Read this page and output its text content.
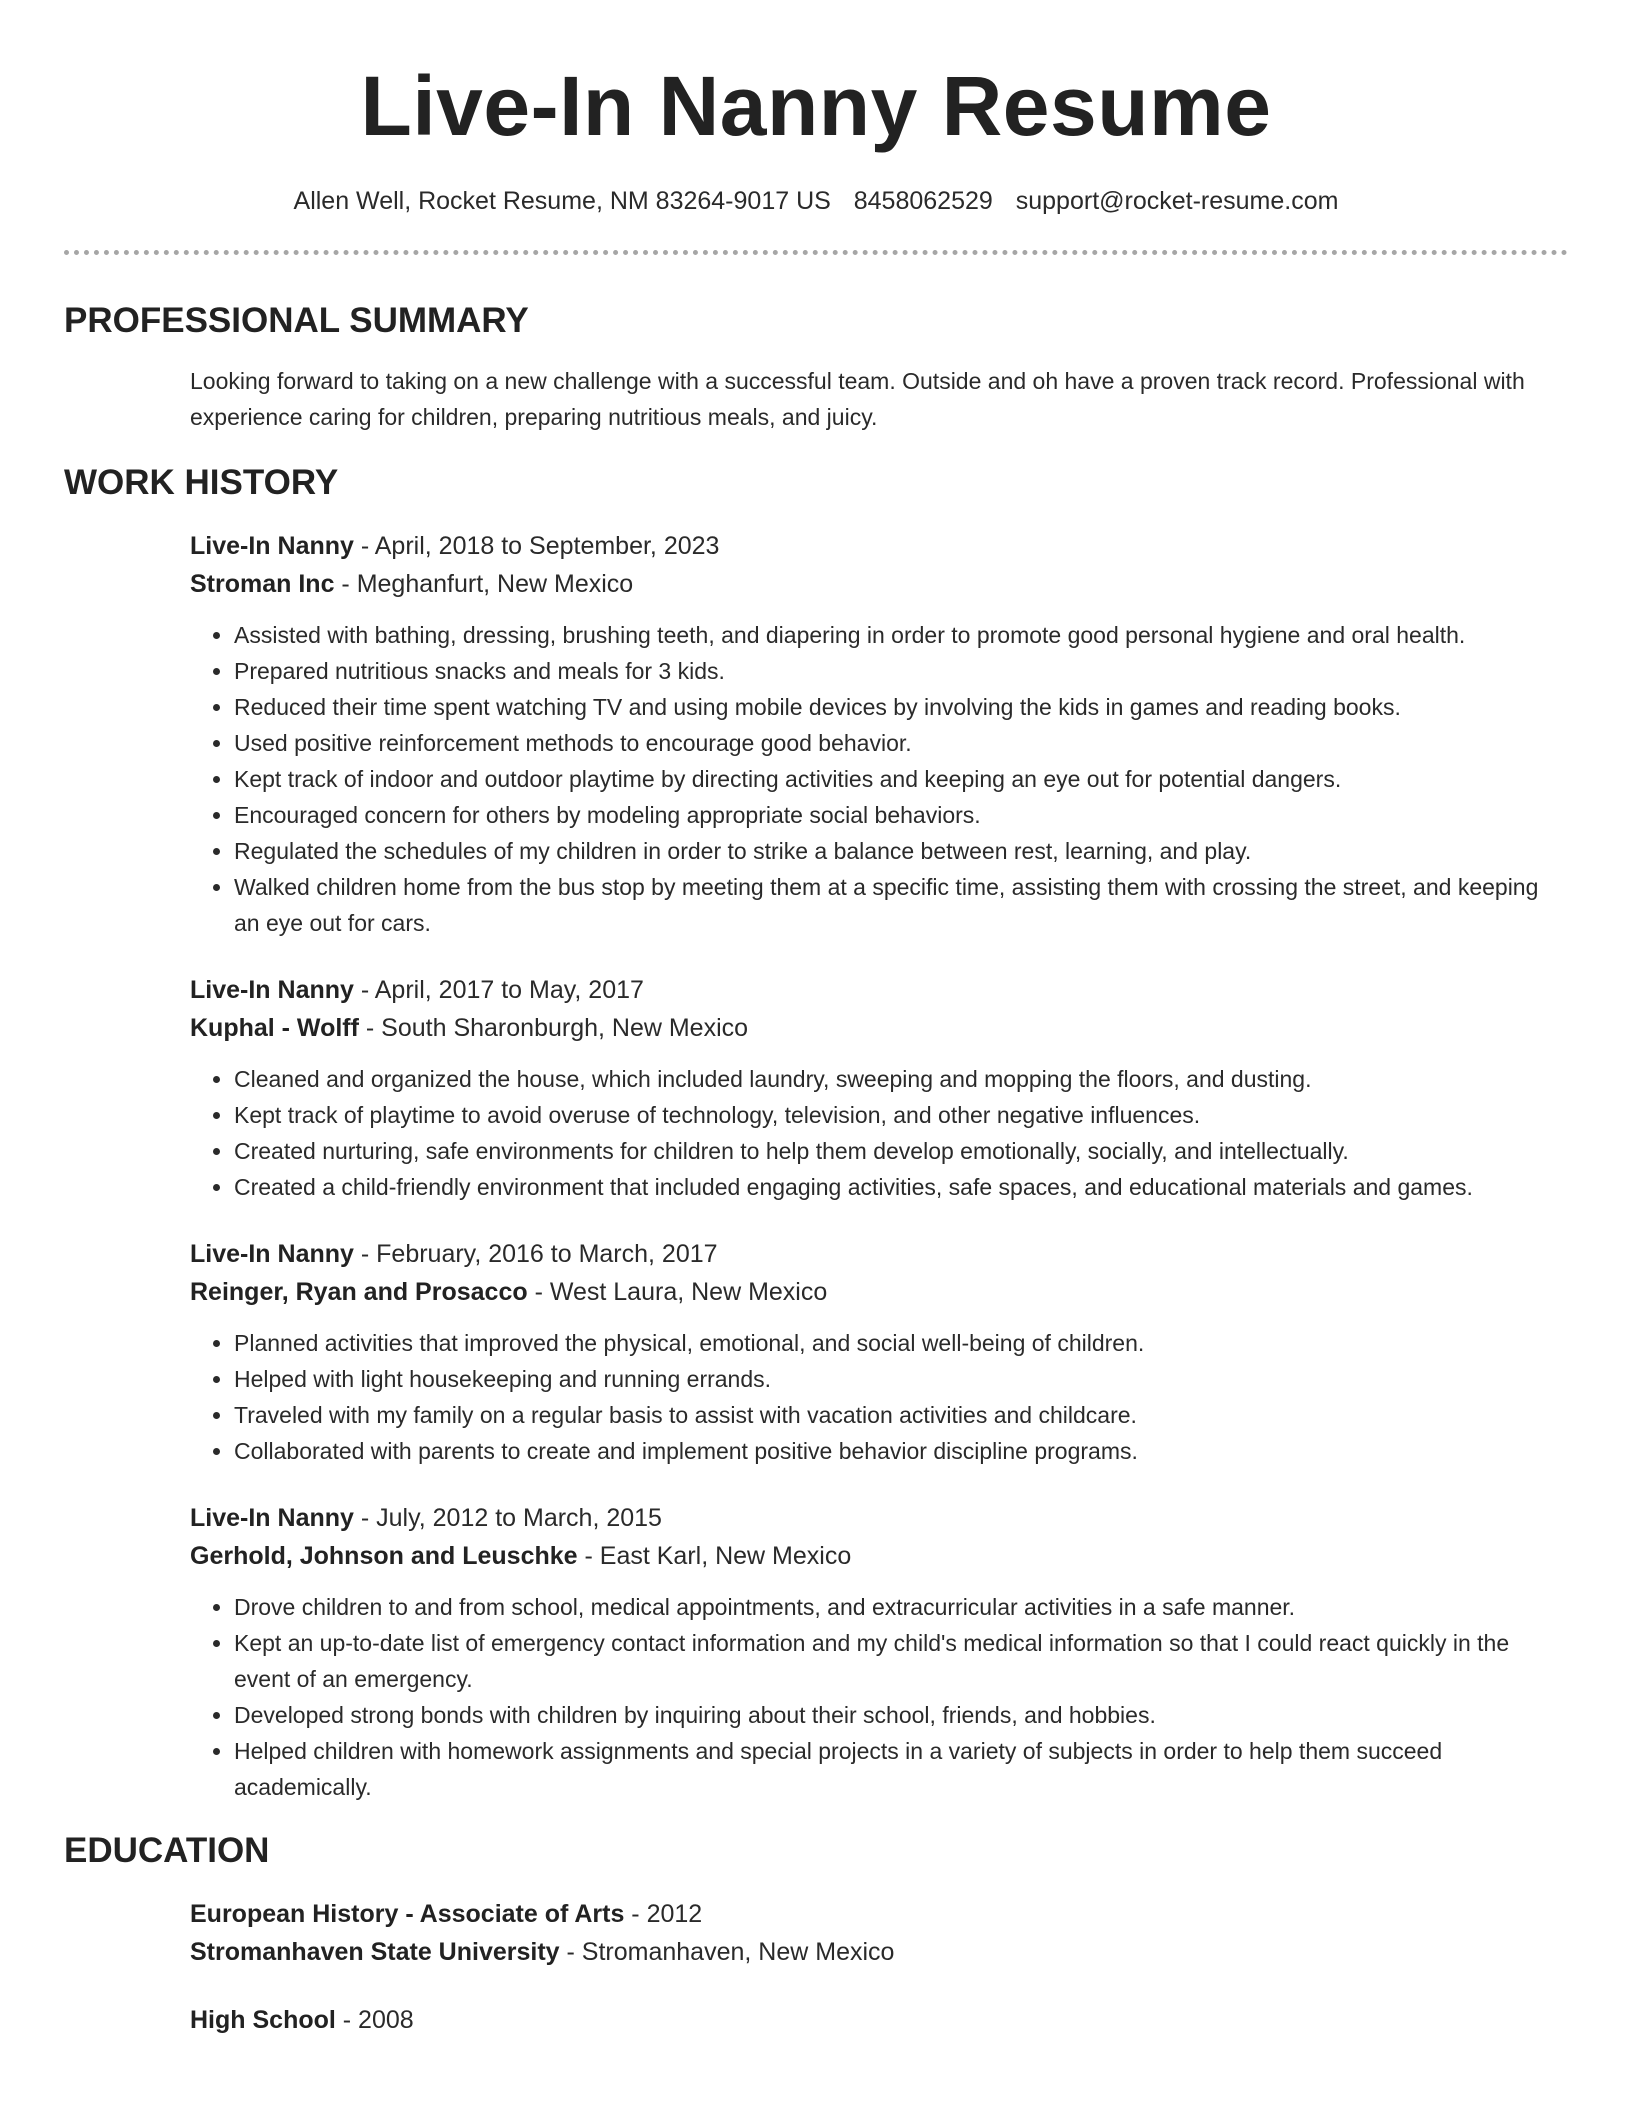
Live-In Nanny Resume
Allen Well, Rocket Resume, NM 83264-9017 US 8458062529 support@rocket-resume.com
PROFESSIONAL SUMMARY

Looking forward to taking on a new challenge with a successful team. Outside and oh have a proven track record. Professional with experience caring for children, preparing nutritious meals, and juicy.

WORK HISTORY
Live-In Nanny - April, 2018 to September, 2023
Stroman Inc - Meghanfurt, New Mexico
• Assisted with bathing, dressing, brushing teeth, and diapering in order to promote good personal hygiene and oral health.
• Prepared nutritious snacks and meals for 3 kids.
• Reduced their time spent watching TV and using mobile devices by involving the kids in games and reading books.
• Used positive reinforcement methods to encourage good behavior.
• Kept track of indoor and outdoor playtime by directing activities and keeping an eye out for potential dangers.
• Encouraged concern for others by modeling appropriate social behaviors.
• Regulated the schedules of my children in order to strike a balance between rest, learning, and play.
• Walked children home from the bus stop by meeting them at a specific time, assisting them with crossing the street, and keeping an eye out for cars.
Live-In Nanny - April, 2017 to May, 2017
Kuphal - Wolff - South Sharonburgh, New Mexico
• Cleaned and organized the house, which included laundry, sweeping and mopping the floors, and dusting.
• Kept track of playtime to avoid overuse of technology, television, and other negative influences.
• Created nurturing, safe environments for children to help them develop emotionally, socially, and intellectually.
• Created a child-friendly environment that included engaging activities, safe spaces, and educational materials and games.
Live-In Nanny - February, 2016 to March, 2017
Reinger, Ryan and Prosacco - West Laura, New Mexico
• Planned activities that improved the physical, emotional, and social well-being of children.
• Helped with light housekeeping and running errands.
• Traveled with my family on a regular basis to assist with vacation activities and childcare.
• Collaborated with parents to create and implement positive behavior discipline programs.
Live-In Nanny - July, 2012 to March, 2015
Gerhold, Johnson and Leuschke - East Karl, New Mexico
• Drove children to and from school, medical appointments, and extracurricular activities in a safe manner.
• Kept an up-to-date list of emergency contact information and my child's medical information so that I could react quickly in the event of an emergency.
• Developed strong bonds with children by inquiring about their school, friends, and hobbies.
• Helped children with homework assignments and special projects in a variety of subjects in order to help them succeed academically.
EDUCATION
European History - Associate of Arts - 2012
Stromanhaven State University - Stromanhaven, New Mexico
High School - 2008
